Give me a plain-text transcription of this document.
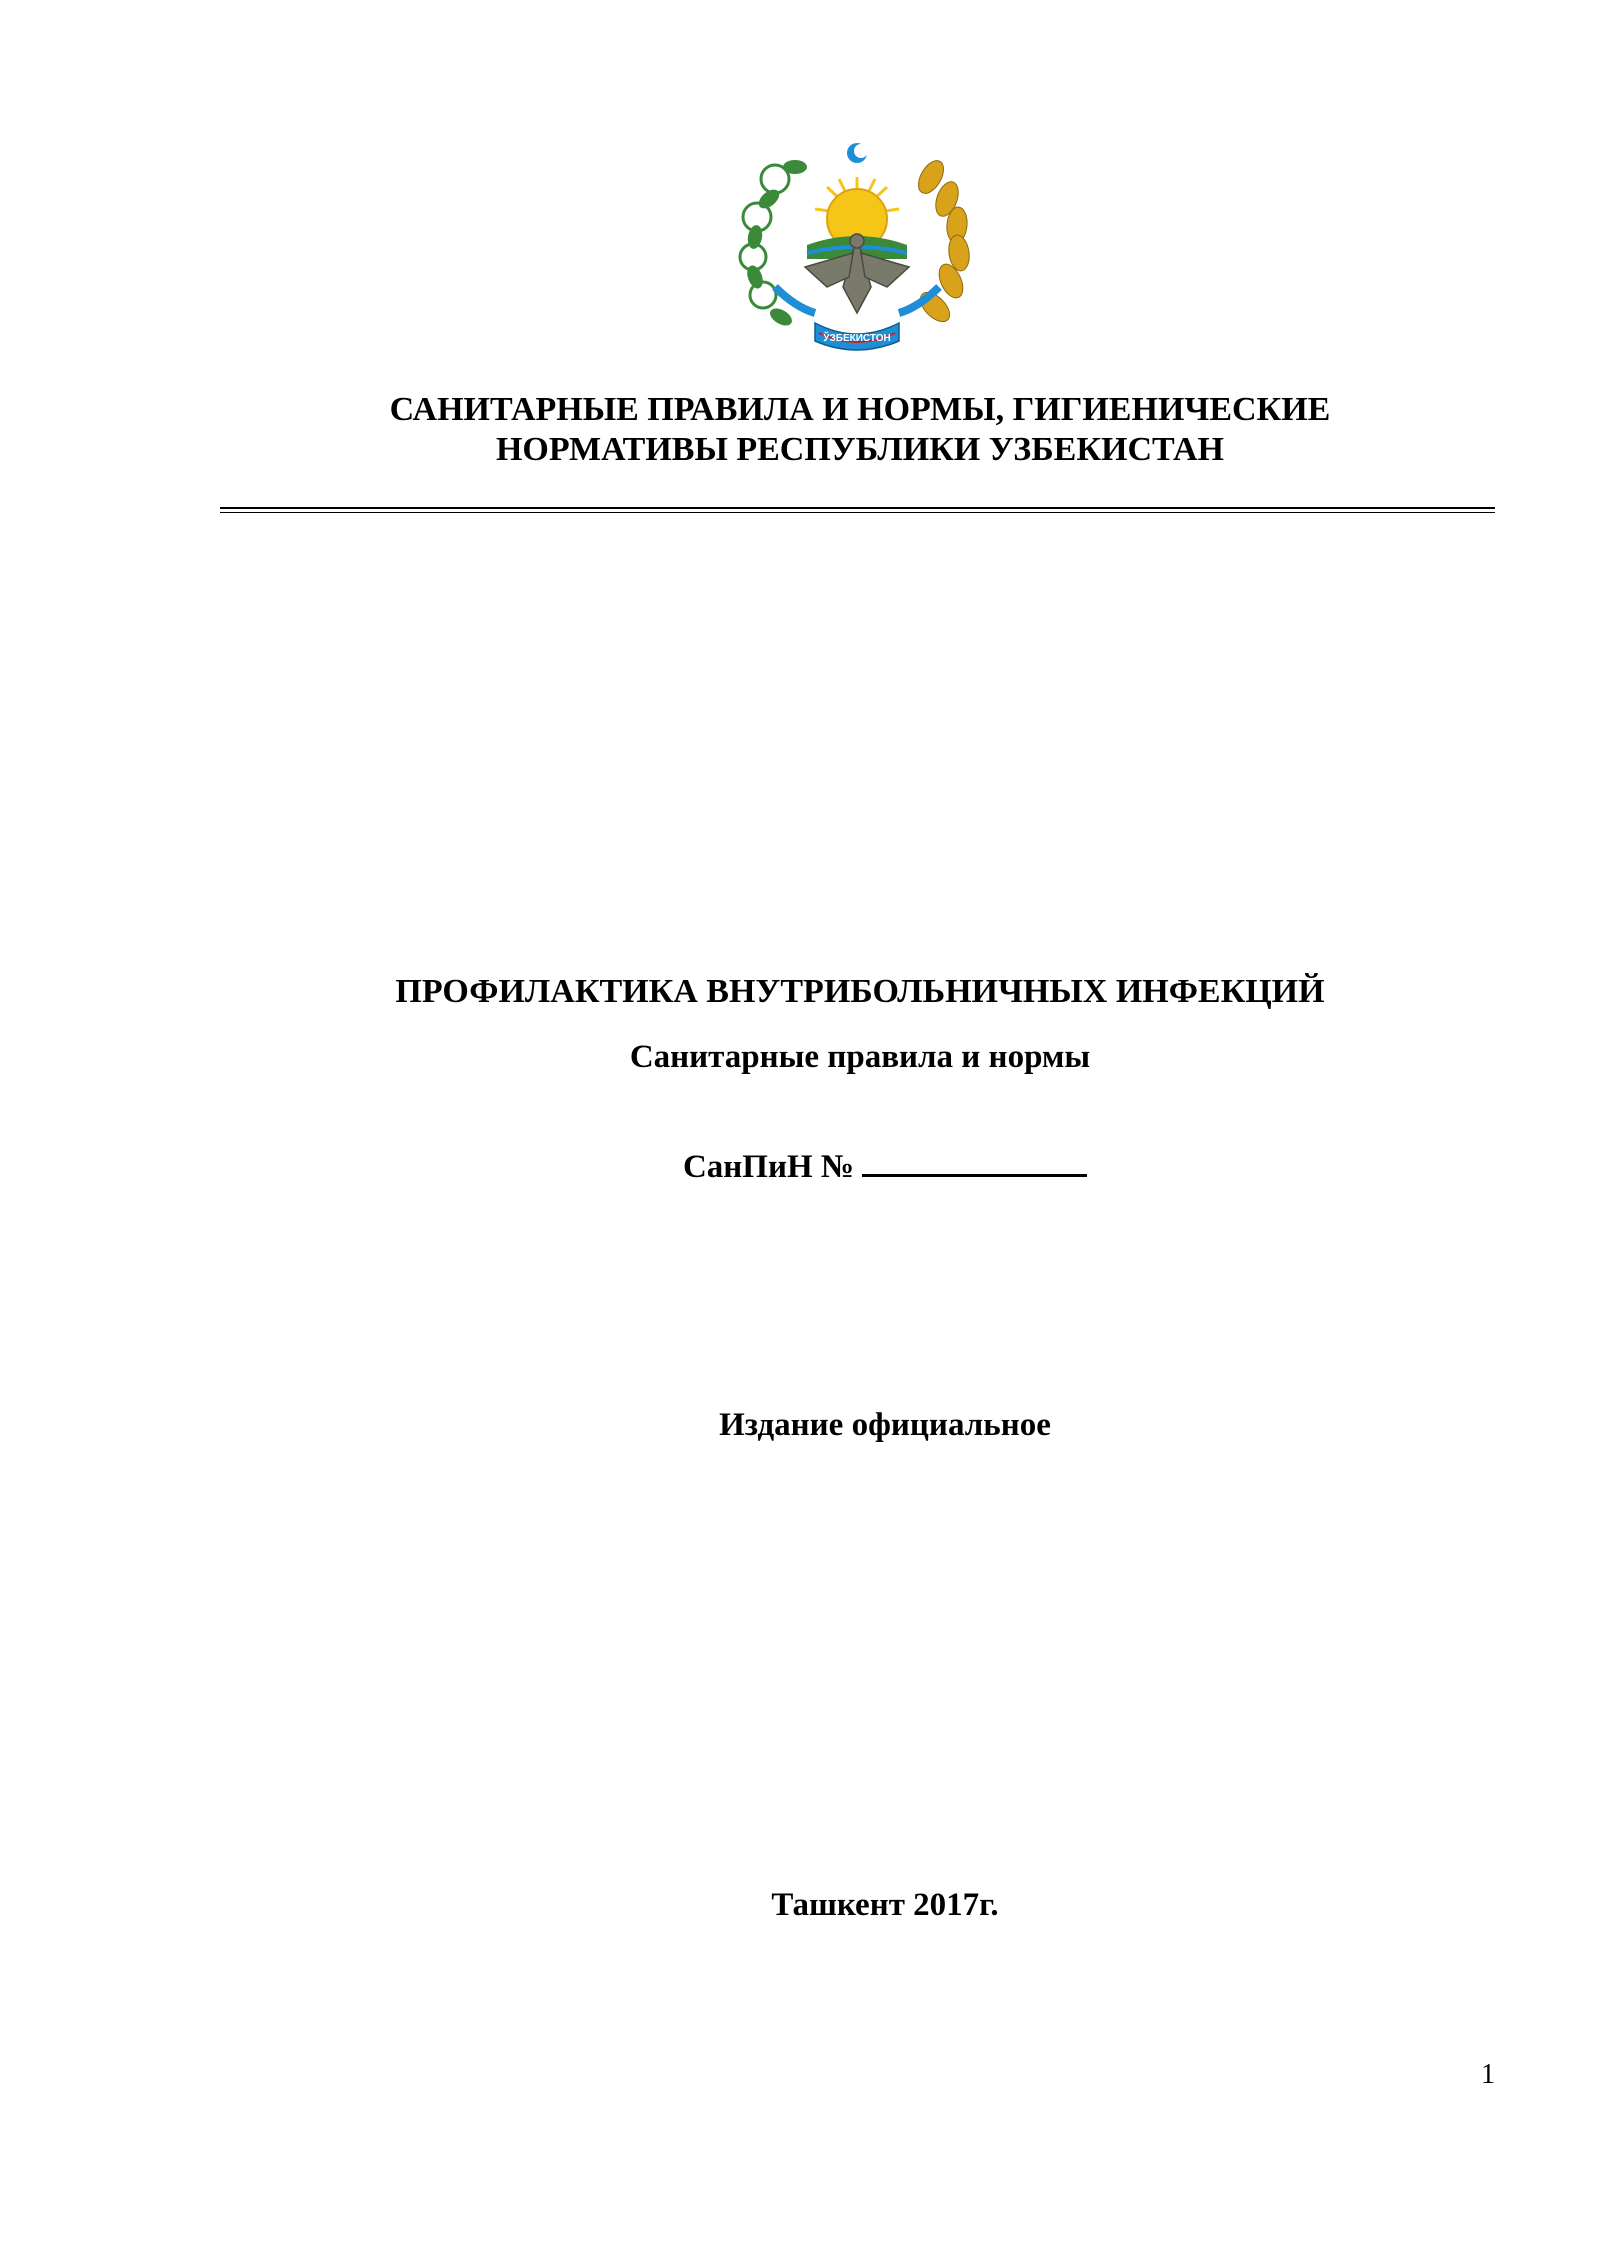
ЎЗБЕКИСТОН
САНИТАРНЫЕ ПРАВИЛА И НОРМЫ, ГИГИЕНИЧЕСКИЕ
НОРМАТИВЫ РЕСПУБЛИКИ УЗБЕКИСТАН
ПРОФИЛАКТИКА ВНУТРИБОЛЬНИЧНЫХ ИНФЕКЦИЙ
Санитарные правила и нормы
СанПиН №
Издание официальное
Ташкент 2017г.
1
